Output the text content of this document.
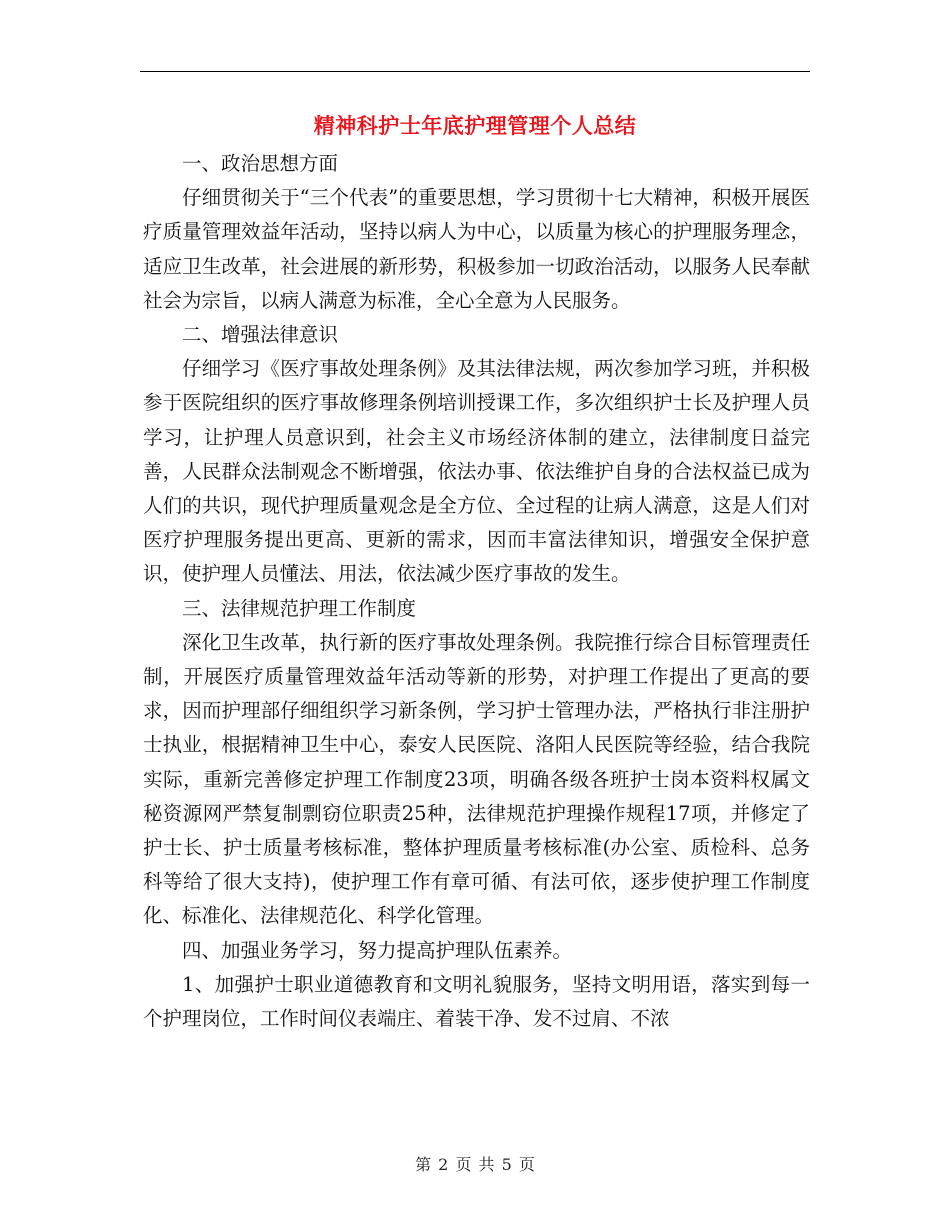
精神科护士年底护理管理个人总结

一、政治思想方面

仔细贯彻关于“三个代表”的重要思想，学习贯彻十七大精神，积极开展医疗质量管理效益年活动，坚持以病人为中心，以质量为核心的护理服务理念，适应卫生改革，社会进展的新形势，积极参加一切政治活动，以服务人民奉献社会为宗旨，以病人满意为标准，全心全意为人民服务。

二、增强法律意识

仔细学习《医疗事故处理条例》及其法律法规，两次参加学习班，并积极参于医院组织的医疗事故修理条例培训授课工作，多次组织护士长及护理人员学习，让护理人员意识到，社会主义市场经济体制的建立，法律制度日益完善，人民群众法制观念不断增强，依法办事、依法维护自身的合法权益已成为人们的共识，现代护理质量观念是全方位、全过程的让病人满意，这是人们对医疗护理服务提出更高、更新的需求，因而丰富法律知识，增强安全保护意识，使护理人员懂法、用法，依法减少医疗事故的发生。

三、法律规范护理工作制度

深化卫生改革，执行新的医疗事故处理条例。我院推行综合目标管理责任制，开展医疗质量管理效益年活动等新的形势，对护理工作提出了更高的要求，因而护理部仔细组织学习新条例，学习护士管理办法，严格执行非注册护士执业，根据精神卫生中心，泰安人民医院、洛阳人民医院等经验，结合我院实际，重新完善修定护理工作制度23项，明确各级各班护士岗本资料权属文秘资源网严禁复制剽窃位职责25种，法律规范护理操作规程17项，并修定了护士长、护士质量考核标准，整体护理质量考核标准(办公室、质检科、总务科等给了很大支持)，使护理工作有章可循、有法可依，逐步使护理工作制度化、标准化、法律规范化、科学化管理。

四、加强业务学习，努力提高护理队伍素养。

1、加强护士职业道德教育和文明礼貌服务，坚持文明用语，落实到每一个护理岗位，工作时间仪表端庄、着装干净、发不过肩、不浓

第 2 页 共 5 页
